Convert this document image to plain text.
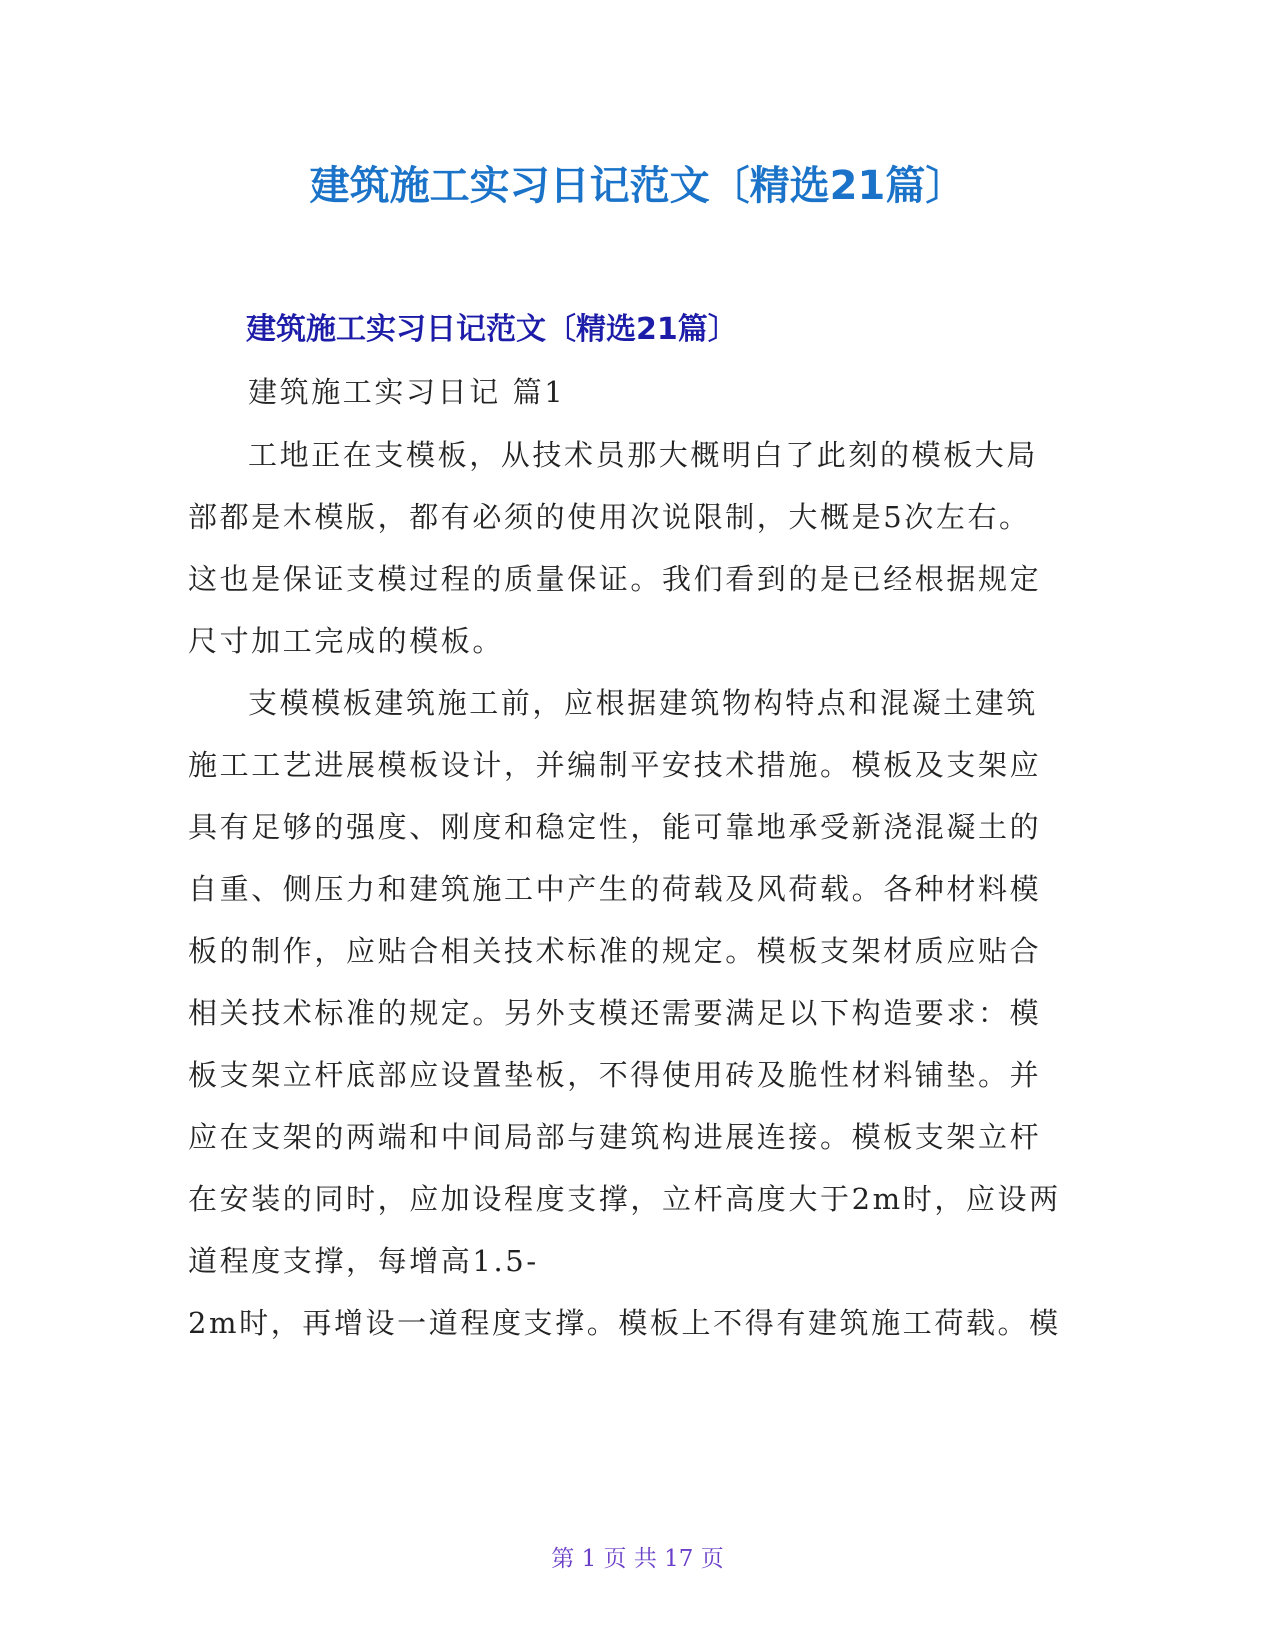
建筑施工实习日记范文〔精选21篇〕
建筑施工实习日记范文〔精选21篇〕
建筑施工实习日记 篇1
工地正在支模板，从技术员那大概明白了此刻的模板大局
部都是木模版，都有必须的使用次说限制，大概是5次左右。
这也是保证支模过程的质量保证。我们看到的是已经根据规定
尺寸加工完成的模板。
支模模板建筑施工前，应根据建筑物构特点和混凝土建筑
施工工艺进展模板设计，并编制平安技术措施。模板及支架应
具有足够的强度、刚度和稳定性，能可靠地承受新浇混凝土的
自重、侧压力和建筑施工中产生的荷载及风荷载。各种材料模
板的制作，应贴合相关技术标准的规定。模板支架材质应贴合
相关技术标准的规定。另外支模还需要满足以下构造要求：模
板支架立杆底部应设置垫板，不得使用砖及脆性材料铺垫。并
应在支架的两端和中间局部与建筑构进展连接。模板支架立杆
在安装的同时，应加设程度支撑，立杆高度大于2m时，应设两
道程度支撑，每增高1.5-
2m时，再增设一道程度支撑。模板上不得有建筑施工荷载。模
第 1 页 共 17 页
